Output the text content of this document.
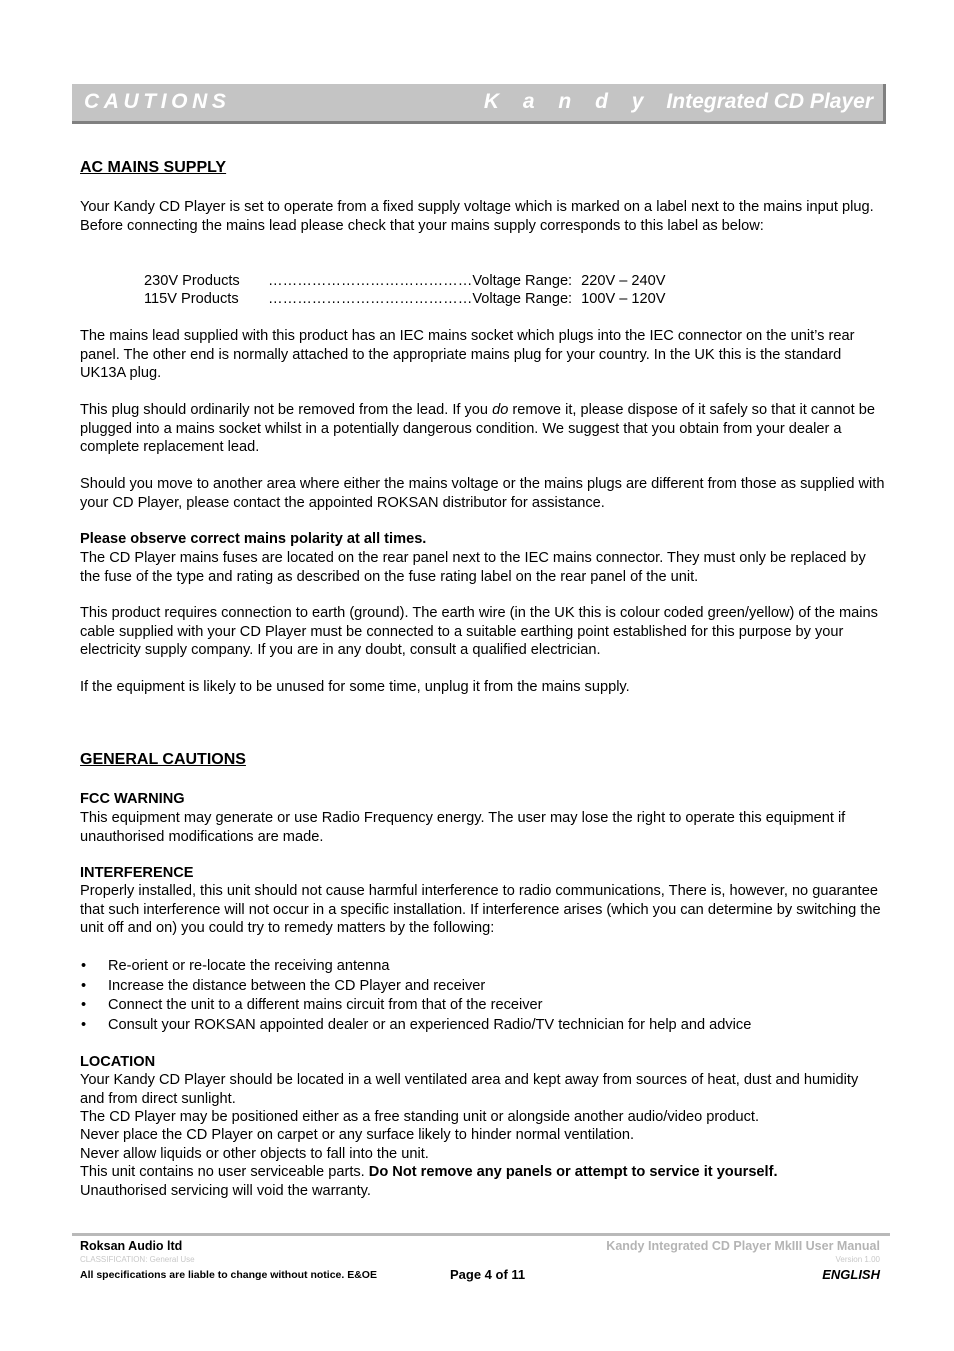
CAUTIONS	K a n d y Integrated CD Player
AC MAINS SUPPLY
Your Kandy CD Player is set to operate from a fixed supply voltage which is marked on a label next to the mains input plug. Before connecting the mains lead please check that your mains supply corresponds to this label as below:
230V Products ……………………………………Voltage Range: 220V – 240V
115V Products ……………………………………Voltage Range: 100V – 120V
The mains lead supplied with this product has an IEC mains socket which plugs into the IEC connector on the unit’s rear panel. The other end is normally attached to the appropriate mains plug for your country. In the UK this is the standard UK13A plug.
This plug should ordinarily not be removed from the lead. If you do remove it, please dispose of it safely so that it cannot be plugged into a mains socket whilst in a potentially dangerous condition. We suggest that you obtain from your dealer a complete replacement lead.
Should you move to another area where either the mains voltage or the mains plugs are different from those as supplied with your CD Player, please contact the appointed ROKSAN distributor for assistance.
Please observe correct mains polarity at all times.
The CD Player mains fuses are located on the rear panel next to the IEC mains connector. They must only be replaced by the fuse of the type and rating as described on the fuse rating label on the rear panel of the unit.
This product requires connection to earth (ground). The earth wire (in the UK this is colour coded green/yellow) of the mains cable supplied with your CD Player must be connected to a suitable earthing point established for this purpose by your electricity supply company. If you are in any doubt, consult a qualified electrician.
If the equipment is likely to be unused for some time, unplug it from the mains supply.
GENERAL CAUTIONS
FCC WARNING
This equipment may generate or use Radio Frequency energy. The user may lose the right to operate this equipment if unauthorised modifications are made.
INTERFERENCE
Properly installed, this unit should not cause harmful interference to radio communications, There is, however, no guarantee that such interference will not occur in a specific installation. If interference arises (which you can determine by switching the unit off and on) you could try to remedy matters by the following:
• Re-orient or re-locate the receiving antenna
• Increase the distance between the CD Player and receiver
• Connect the unit to a different mains circuit from that of the receiver
• Consult your ROKSAN appointed dealer or an experienced Radio/TV technician for help and advice
LOCATION
Your Kandy CD Player should be located in a well ventilated area and kept away from sources of heat, dust and humidity and from direct sunlight.
The CD Player may be positioned either as a free standing unit or alongside another audio/video product.
Never place the CD Player on carpet or any surface likely to hinder normal ventilation.
Never allow liquids or other objects to fall into the unit.
This unit contains no user serviceable parts. Do Not remove any panels or attempt to service it yourself.
Unauthorised servicing will void the warranty.
Roksan Audio ltd
CLASSIFICATION: General Use
All specifications are liable to change without notice. E&OE	Page 4 of 11
Kandy Integrated CD Player MkIII User Manual
Version 1.00
ENGLISH
